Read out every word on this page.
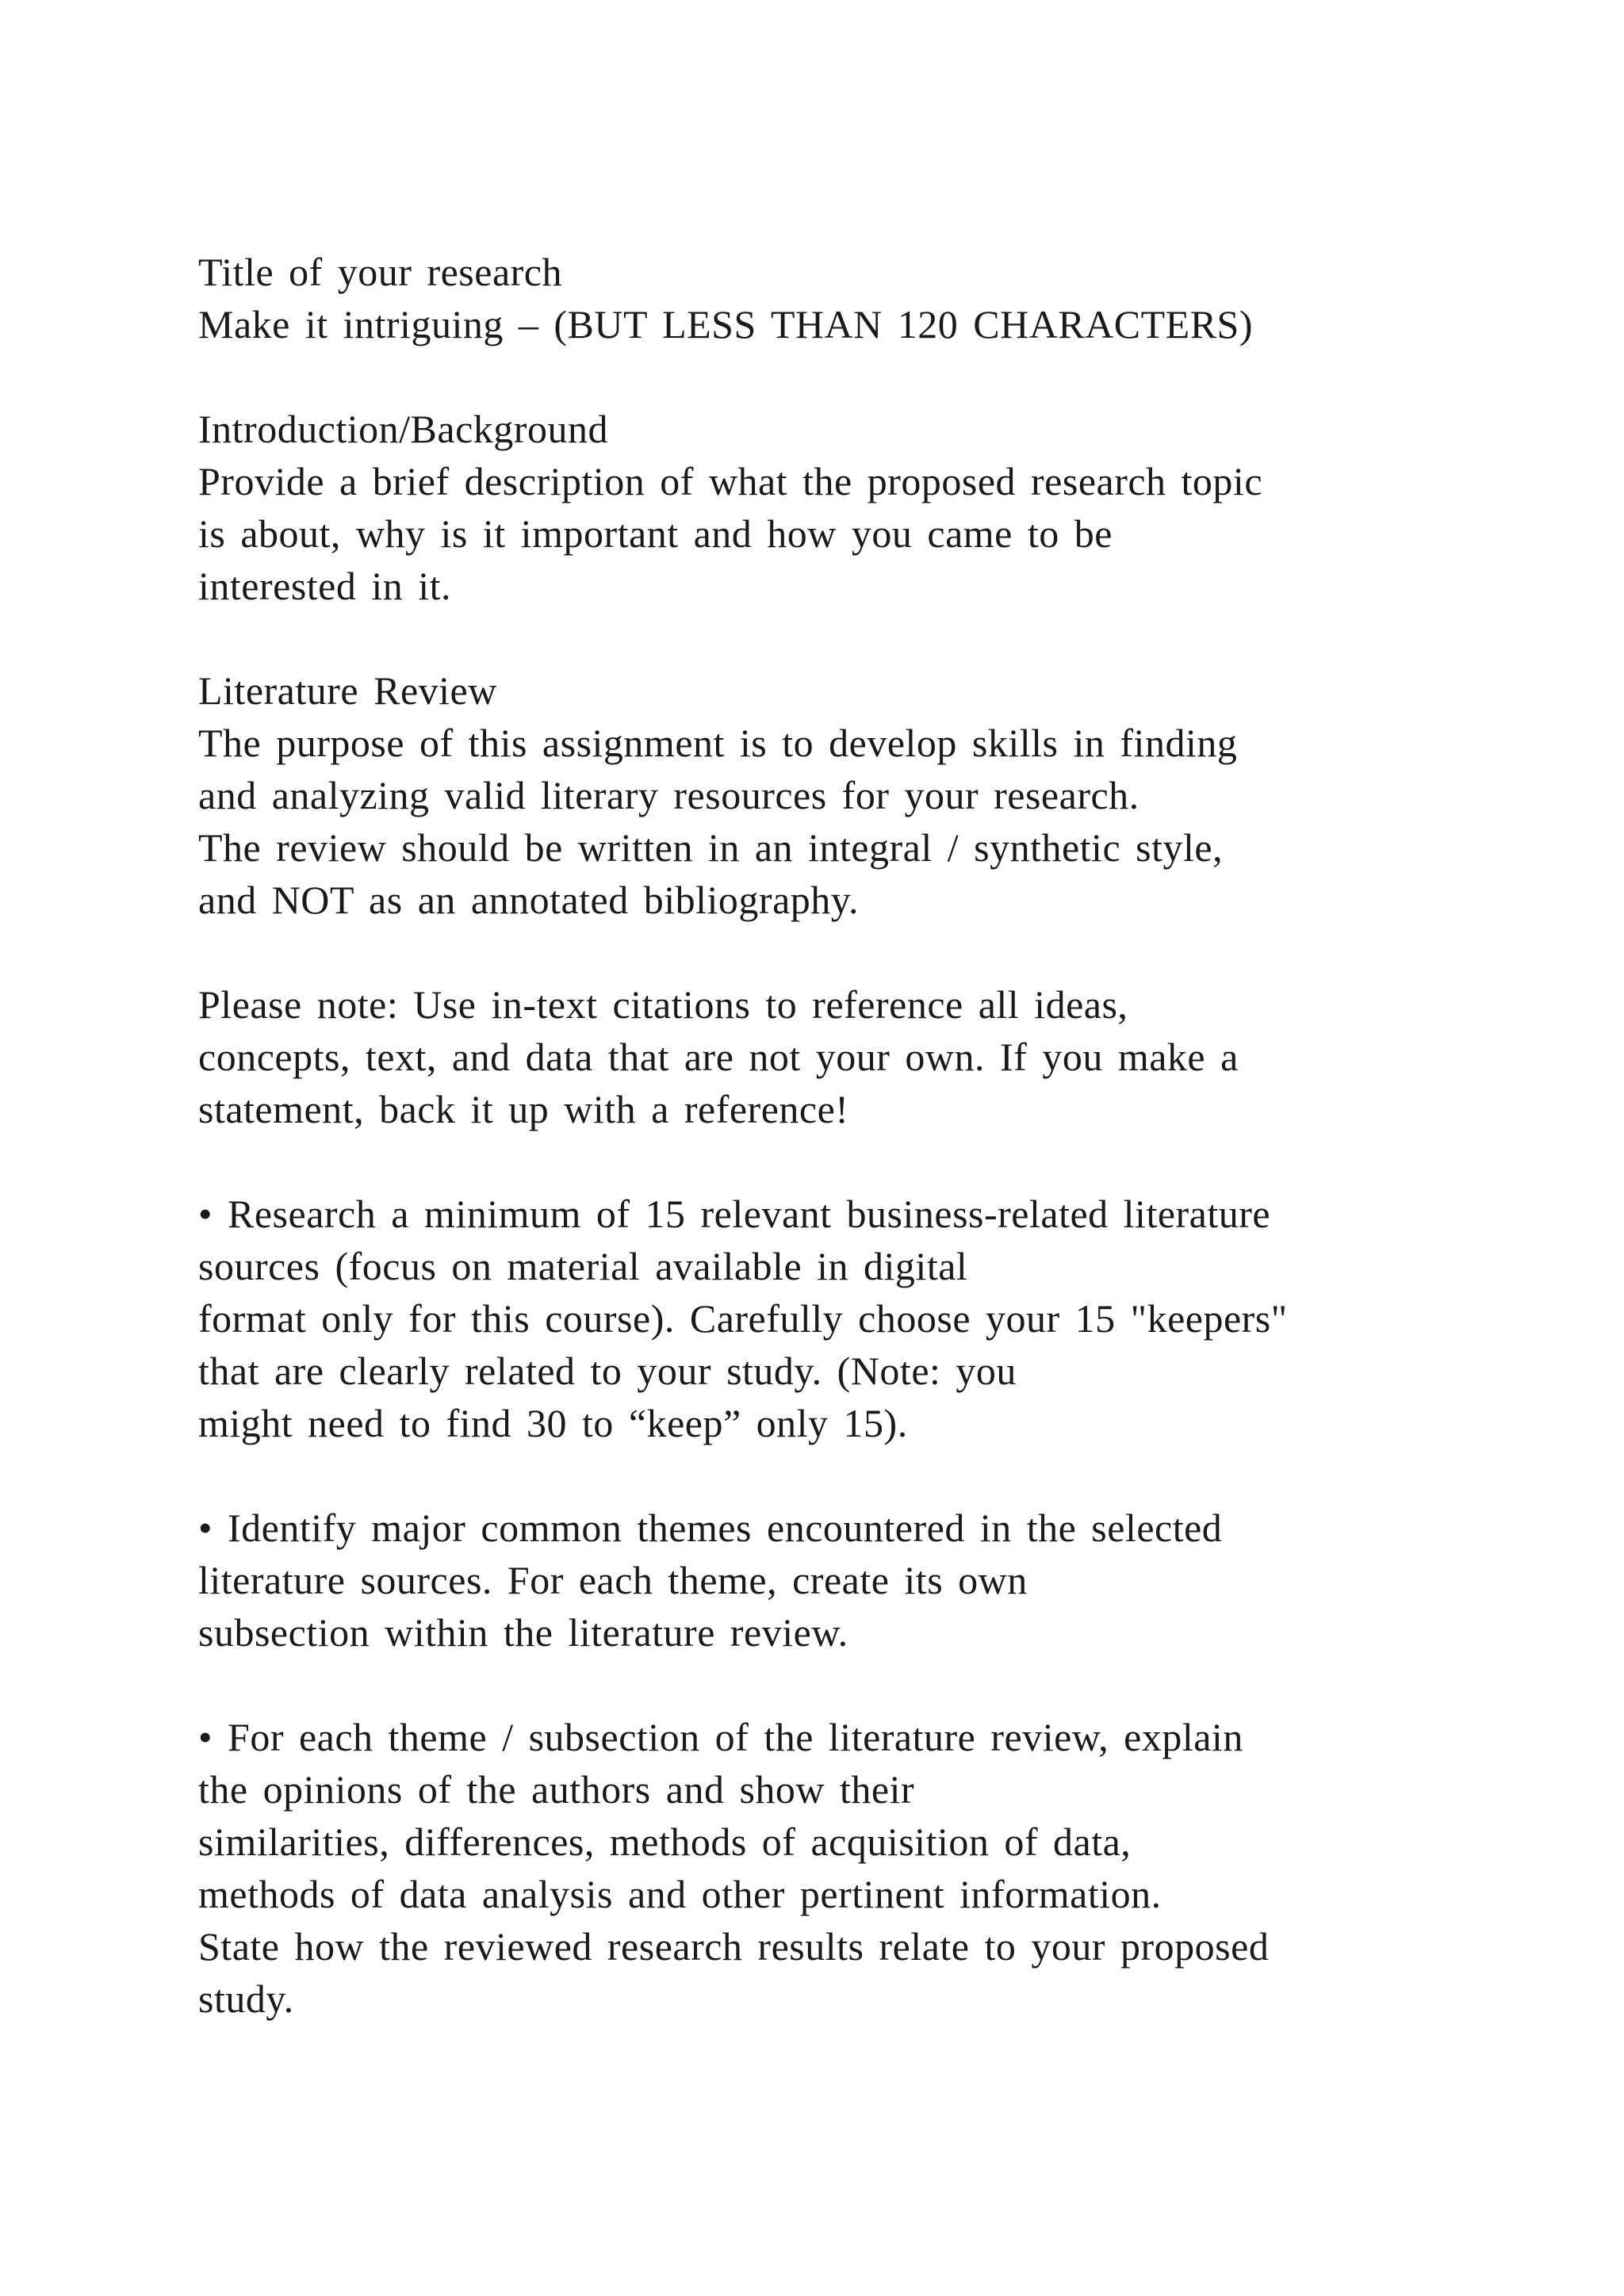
Title of your research
Make it intriguing – (BUT LESS THAN 120 CHARACTERS)
Introduction/Background
Provide a brief description of what the proposed research topic
is about, why is it important and how you came to be
interested in it.
Literature Review
The purpose of this assignment is to develop skills in finding
and analyzing valid literary resources for your research.
The review should be written in an integral / synthetic style,
and NOT as an annotated bibliography.
Please note: Use in-text citations to reference all ideas,
concepts, text, and data that are not your own. If you make a
statement, back it up with a reference!
• Research a minimum of 15 relevant business-related literature
sources (focus on material available in digital
format only for this course). Carefully choose your 15 "keepers"
that are clearly related to your study. (Note: you
might need to find 30 to “keep” only 15).
• Identify major common themes encountered in the selected
literature sources. For each theme, create its own
subsection within the literature review.
• For each theme / subsection of the literature review, explain
the opinions of the authors and show their
similarities, differences, methods of acquisition of data,
methods of data analysis and other pertinent information.
State how the reviewed research results relate to your proposed
study.
